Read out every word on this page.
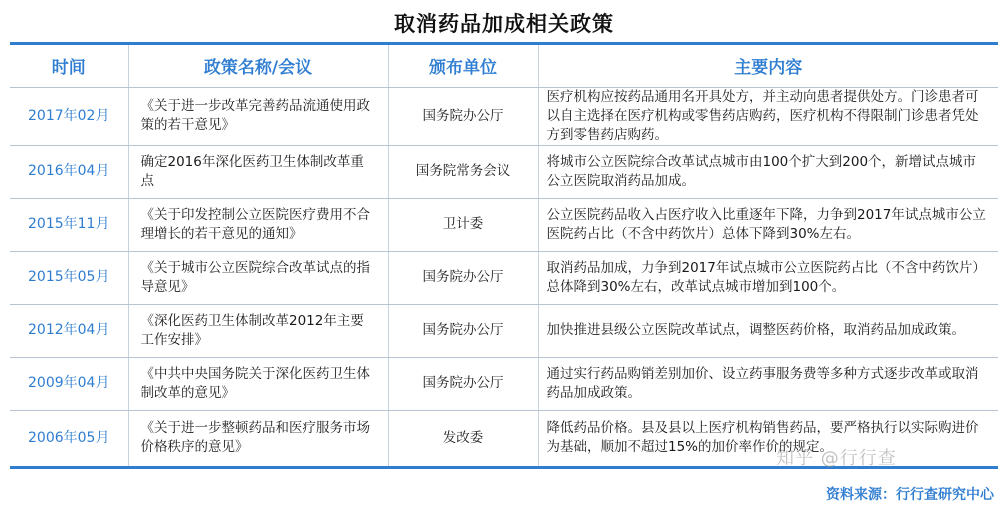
取消药品加成相关政策
时间	政策名称/会议	颁布单位	主要内容
2017年02月	《关于进一步改革完善药品流通使用政策的若干意见》	国务院办公厅	医疗机构应按药品通用名开具处方，并主动向患者提供处方。门诊患者可以自主选择在医疗机构或零售药店购药，医疗机构不得限制门诊患者凭处方到零售药店购药。
2016年04月	确定2016年深化医药卫生体制改革重点	国务院常务会议	将城市公立医院综合改革试点城市由100个扩大到200个，新增试点城市公立医院取消药品加成。
2015年11月	《关于印发控制公立医院医疗费用不合理增长的若干意见的通知》	卫计委	公立医院药品收入占医疗收入比重逐年下降，力争到2017年试点城市公立医院药占比（不含中药饮片）总体下降到30%左右。
2015年05月	《关于城市公立医院综合改革试点的指导意见》	国务院办公厅	取消药品加成，力争到2017年试点城市公立医院药占比（不含中药饮片）总体降到30%左右，改革试点城市增加到100个。
2012年04月	《深化医药卫生体制改革2012年主要工作安排》	国务院办公厅	加快推进县级公立医院改革试点，调整医药价格，取消药品加成政策。
2009年04月	《中共中央国务院关于深化医药卫生体制改革的意见》	国务院办公厅	通过实行药品购销差别加价、设立药事服务费等多种方式逐步改革或取消药品加成政策。
2006年05月	《关于进一步整顿药品和医疗服务市场价格秩序的意见》	发改委	降低药品价格。县及县以上医疗机构销售药品，要严格执行以实际购进价为基础，顺加不超过15%的加价率作价的规定。
知乎 @行行查
资料来源：行行查研究中心
